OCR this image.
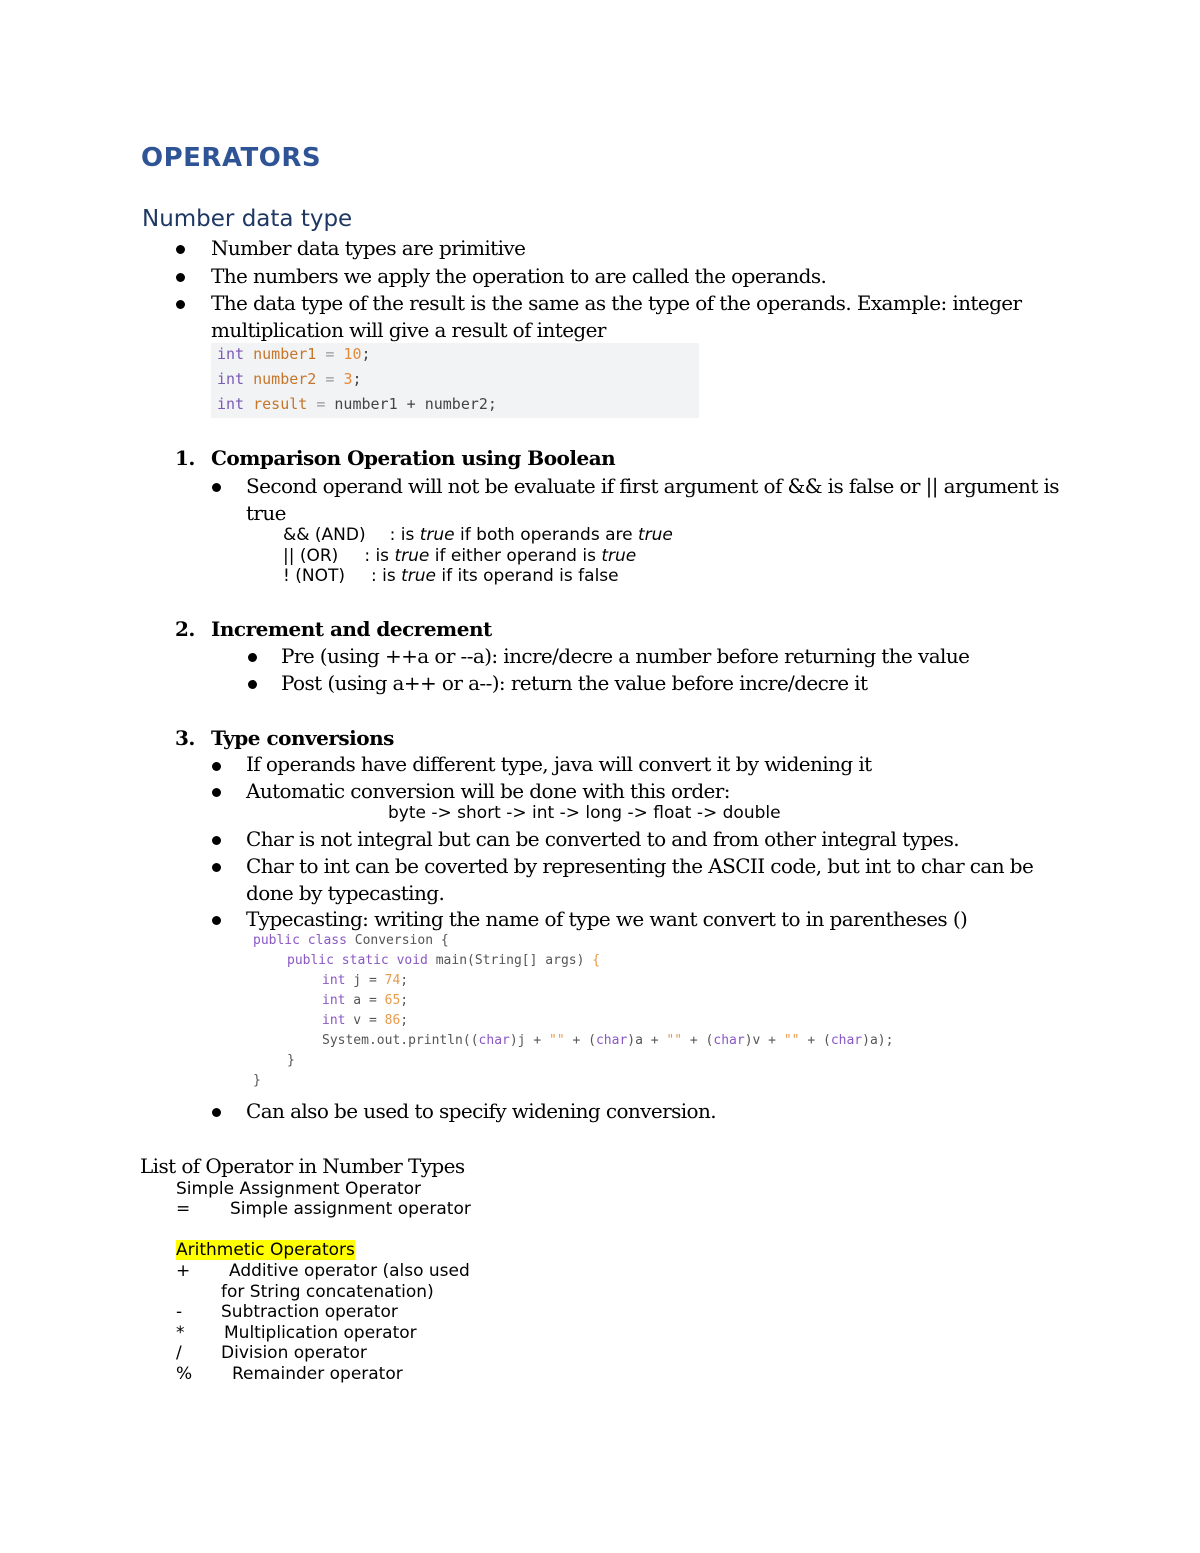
OPERATORS
Number data type
Number data types are primitive
The numbers we apply the operation to are called the operands.
The data type of the result is the same as the type of the operands. Example: integer
multiplication will give a result of integer
int number1 = 10;
int number2 = 3;
int result = number1 + number2;
1. Comparison Operation using Boolean
Second operand will not be evaluate if first argument of && is false or || argument is
true
&& (AND) : is true if both operands are true
|| (OR) : is true if either operand is true
! (NOT) : is true if its operand is false
2. Increment and decrement
Pre (using ++a or --a): incre/decre a number before returning the value
Post (using a++ or a--): return the value before incre/decre it
3. Type conversions
If operands have different type, java will convert it by widening it
Automatic conversion will be done with this order:
byte -> short -> int -> long -> float -> double
Char is not integral but can be converted to and from other integral types.
Char to int can be coverted by representing the ASCII code, but int to char can be
done by typecasting.
Typecasting: writing the name of type we want convert to in parentheses ()
public class Conversion {
public static void main(String[] args) {
int j = 74;
int a = 65;
int v = 86;
System.out.println((char)j + "" + (char)a + "" + (char)v + "" + (char)a);
}
}
Can also be used to specify widening conversion.
List of Operator in Number Types
Simple Assignment Operator
= Simple assignment operator
Arithmetic Operators
+ Additive operator (also used
for String concatenation)
- Subtraction operator
* Multiplication operator
/ Division operator
% Remainder operator
